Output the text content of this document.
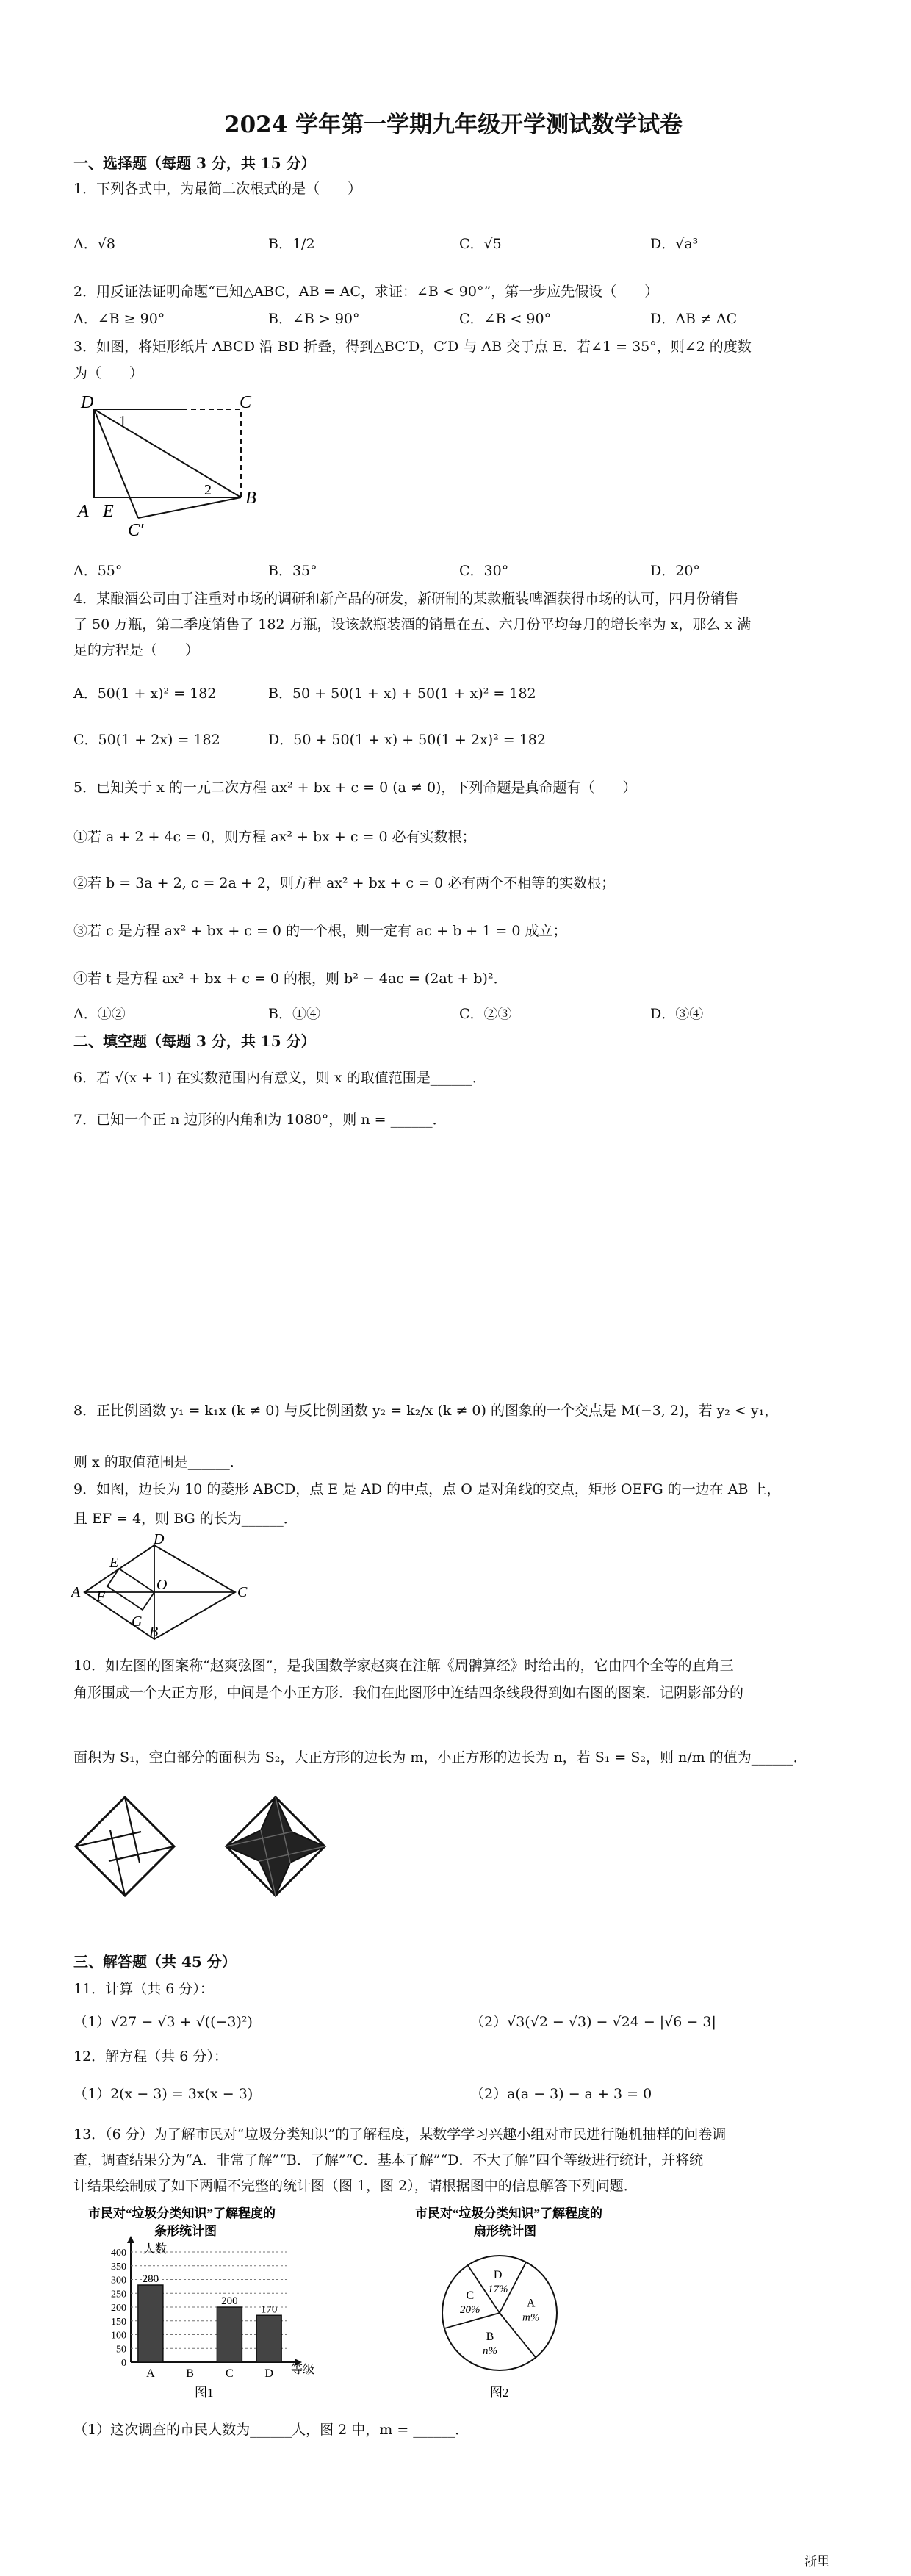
2024 学年第一学期九年级开学测试数学试卷
一、选择题（每题 3 分，共 15 分）
1．下列各式中，为最简二次根式的是（　　）
A．√8	B．1/2	C．√5	D．√a³
2．用反证法证明命题“已知△ABC，AB = AC，求证：∠B < 90°”，第一步应先假设（　　）
A．∠B ≥ 90°	B．∠B > 90°	C．∠B < 90°	D．AB ≠ AC
3．如图，将矩形纸片 ABCD 沿 BD 折叠，得到△BC′D，C′D 与 AB 交于点 E．若∠1 = 35°，则∠2 的度数
为（　　）
D	C
1
2
A E
B
C′
A．55°	B．35°	C．30°	D．20°
4．某酿酒公司由于注重对市场的调研和新产品的研发，新研制的某款瓶装啤酒获得市场的认可，四月份销售
了 50 万瓶，第二季度销售了 182 万瓶，设该款瓶装酒的销量在五、六月份平均每月的增长率为 x，那么 x 满
足的方程是（　　）
A．50(1 + x)² = 182	B．50 + 50(1 + x) + 50(1 + x)² = 182
C．50(1 + 2x) = 182	D．50 + 50(1 + x) + 50(1 + 2x)² = 182
5．已知关于 x 的一元二次方程 ax² + bx + c = 0 (a ≠ 0)，下列命题是真命题有（　　）
①若 a + 2 + 4c = 0，则方程 ax² + bx + c = 0 必有实数根；
②若 b = 3a + 2, c = 2a + 2，则方程 ax² + bx + c = 0 必有两个不相等的实数根；
③若 c 是方程 ax² + bx + c = 0 的一个根，则一定有 ac + b + 1 = 0 成立；
④若 t 是方程 ax² + bx + c = 0 的根，则 b² − 4ac = (2at + b)²．
A．①②	B．①④	C．②③	D．③④
二、填空题（每题 3 分，共 15 分）
6．若 √(x + 1) 在实数范围内有意义，则 x 的取值范围是______．
7．已知一个正 n 边形的内角和为 1080°，则 n = ______．
8．正比例函数 y₁ = k₁x (k ≠ 0) 与反比例函数 y₂ = k₂/x (k ≠ 0) 的图象的一个交点是 M(−3, 2)，若 y₂ < y₁，
则 x 的取值范围是______．
9．如图，边长为 10 的菱形 ABCD，点 E 是 AD 的中点，点 O 是对角线的交点，矩形 OEFG 的一边在 AB 上，
且 EF = 4，则 BG 的长为______．
D
E
A	O	C
F
G
B
10．如左图的图案称“赵爽弦图”，是我国数学家赵爽在注解《周髀算经》时给出的，它由四个全等的直角三
角形围成一个大正方形，中间是个小正方形．我们在此图形中连结四条线段得到如右图的图案．记阴影部分的
面积为 S₁，空白部分的面积为 S₂，大正方形的边长为 m，小正方形的边长为 n，若 S₁ = S₂，则 n/m 的值为______．
三、解答题（共 45 分）
11．计算（共 6 分）：
（1）√27 − √3 + √((−3)²)	（2）√3(√2 − √3) − √24 − |√6 − 3|
12．解方程（共 6 分）：
（1）2(x − 3) = 3x(x − 3)	（2）a(a − 3) − a + 3 = 0
13．（6 分）为了解市民对“垃圾分类知识”的了解程度，某数学学习兴趣小组对市民进行随机抽样的问卷调
查，调查结果分为“A．非常了解”“B．了解”“C．基本了解”“D．不大了解”四个等级进行统计，并将统
计结果绘制成了如下两幅不完整的统计图（图 1，图 2），请根据图中的信息解答下列问题．
市民对“垃圾分类知识”了解程度的
条形统计图
0
50
100
150
200
250
300
350
400
280
A	B
200
C
170
D
人数
等级
图1
市民对“垃圾分类知识”了解程度的
扇形统计图
A
m%
B
n%
C
20%
D
17%
图2
（1）这次调查的市民人数为______人，图 2 中，m = ______．
浙里
